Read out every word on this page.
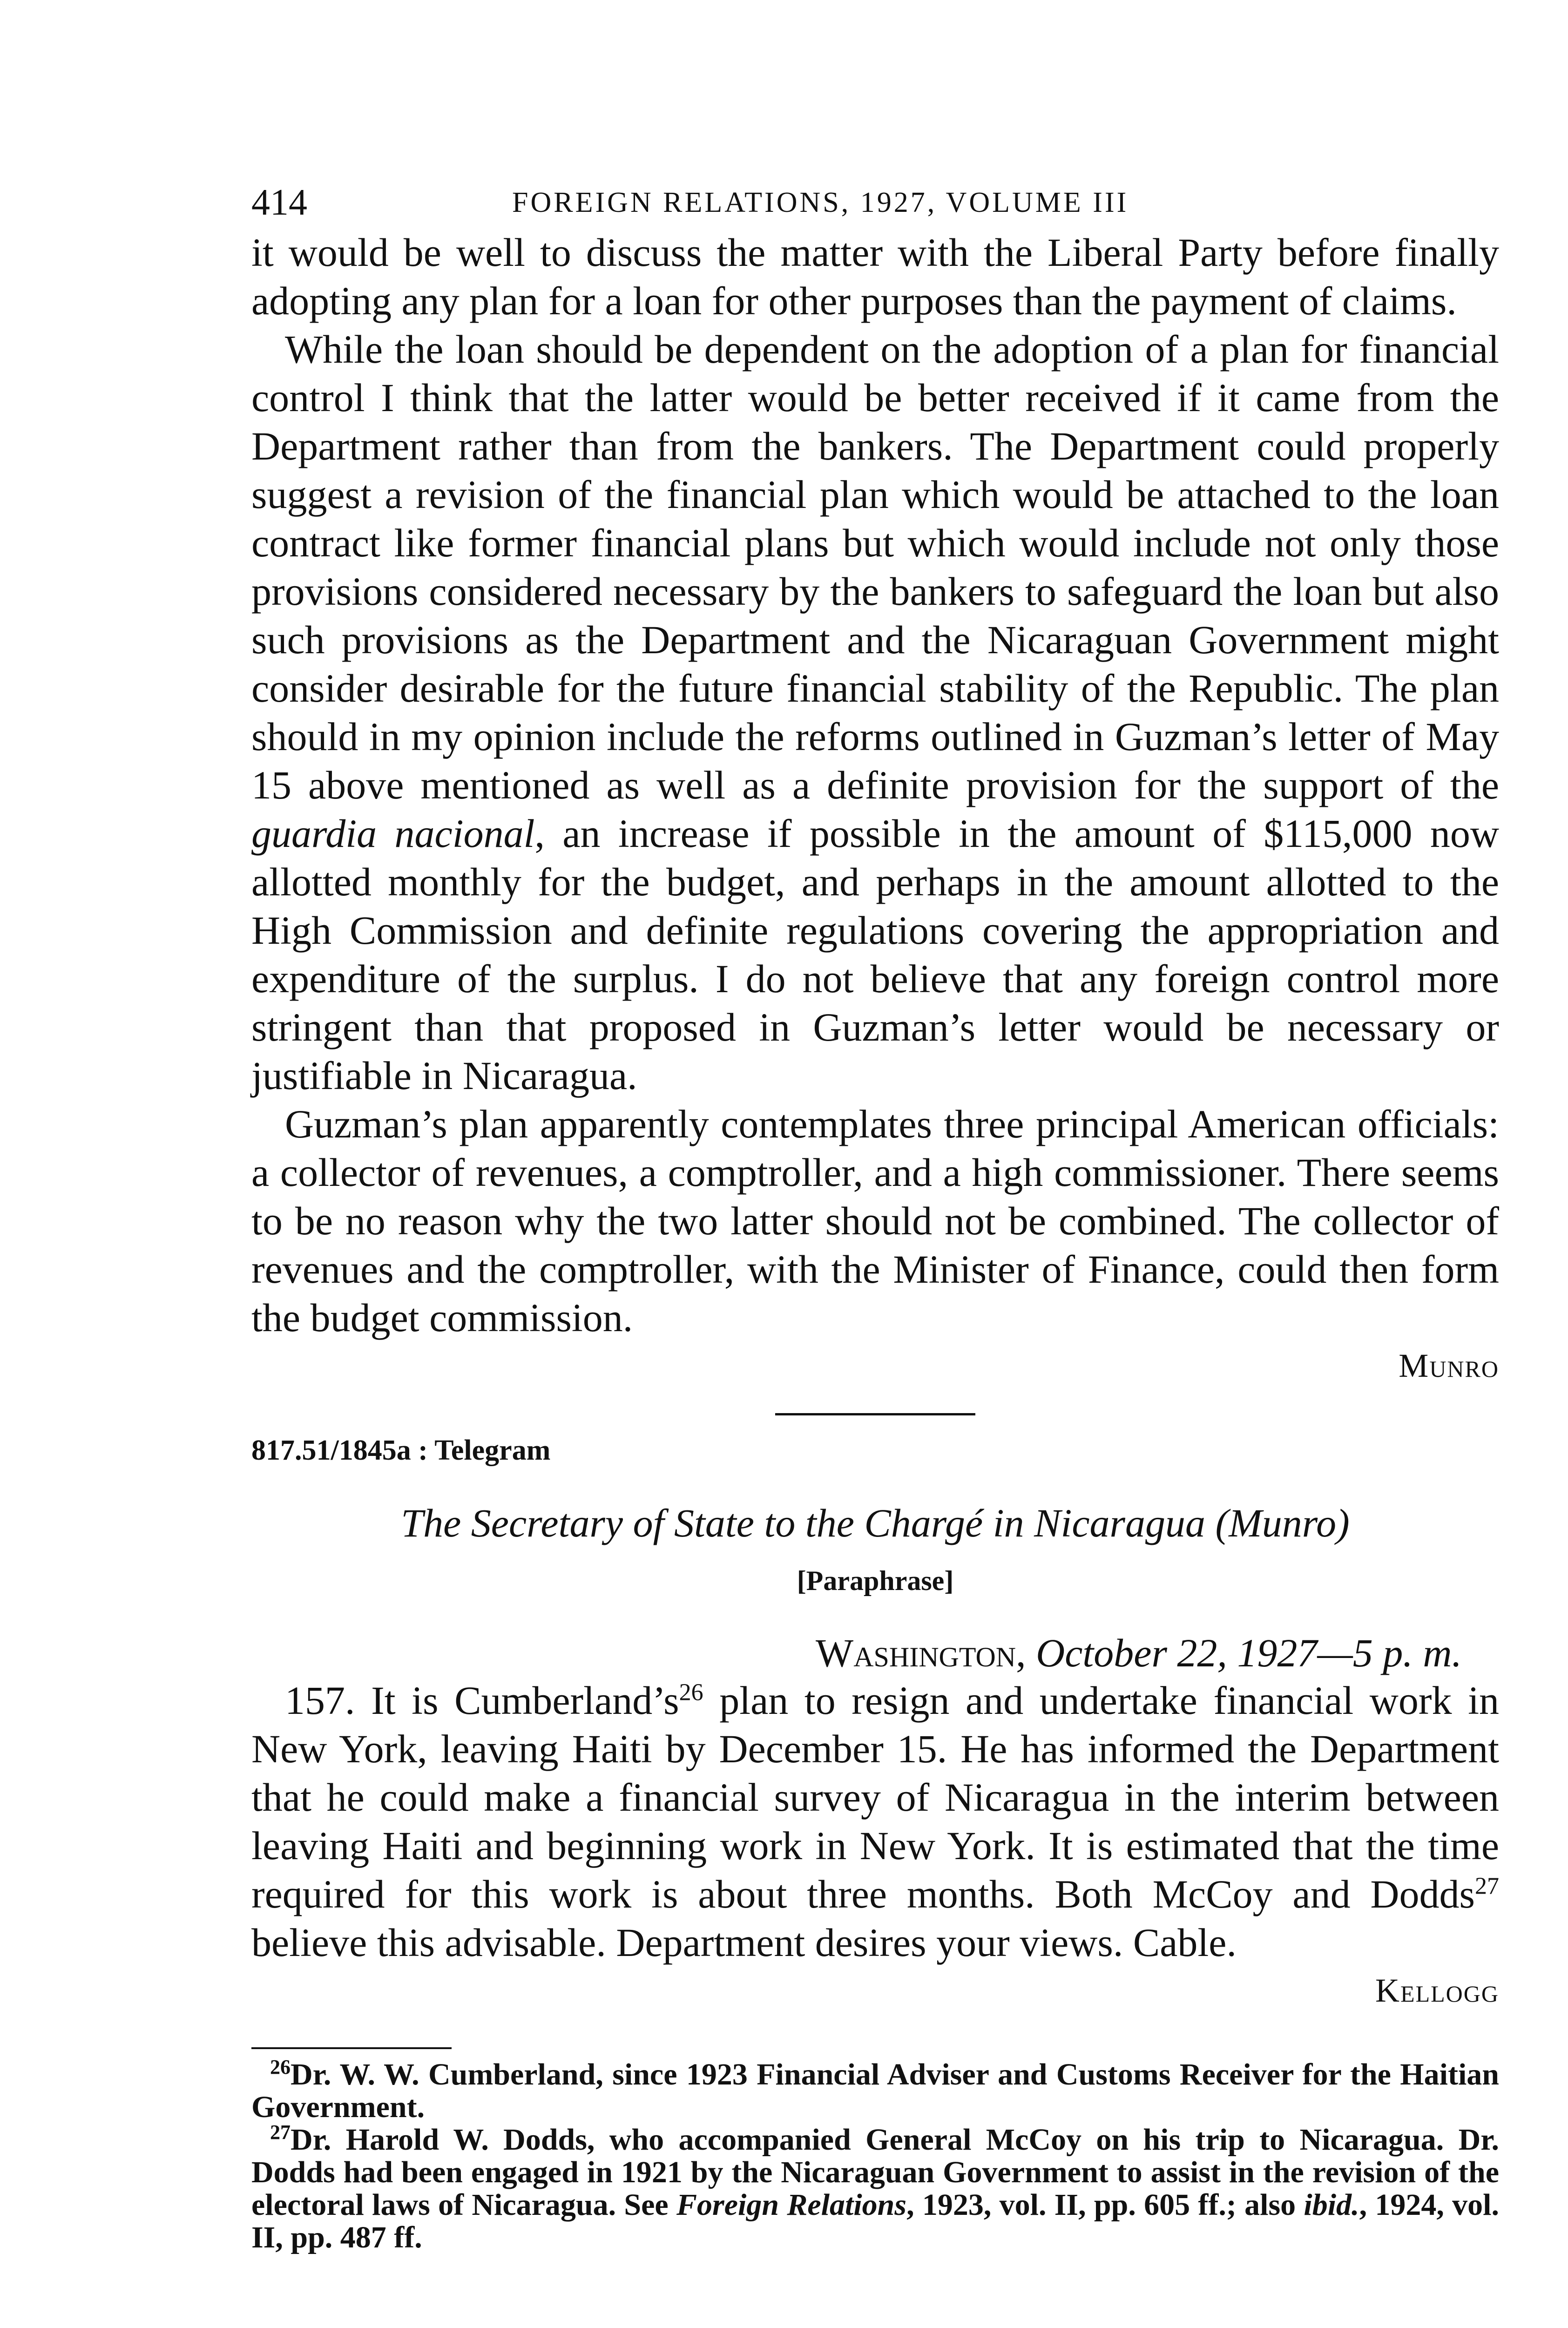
414	FOREIGN RELATIONS, 1927, VOLUME III

it would be well to discuss the matter with the Liberal Party before finally adopting any plan for a loan for other purposes than the payment of claims.

While the loan should be dependent on the adoption of a plan for financial control I think that the latter would be better received if it came from the Department rather than from the bankers. The Department could properly suggest a revision of the financial plan which would be attached to the loan contract like former financial plans but which would include not only those provisions considered necessary by the bankers to safeguard the loan but also such provisions as the Department and the Nicaraguan Government might consider desirable for the future financial stability of the Republic. The plan should in my opinion include the reforms outlined in Guzman’s letter of May 15 above mentioned as well as a definite provision for the support of the guardia nacional, an increase if possible in the amount of $115,000 now allotted monthly for the budget, and perhaps in the amount allotted to the High Commission and definite regulations covering the appropriation and expenditure of the surplus. I do not believe that any foreign control more stringent than that proposed in Guzman’s letter would be necessary or justifiable in Nicaragua.

Guzman’s plan apparently contemplates three principal American officials: a collector of revenues, a comptroller, and a high commissioner. There seems to be no reason why the two latter should not be combined. The collector of revenues and the comptroller, with the Minister of Finance, could then form the budget commission.

Munro
817.51/1845a : Telegram
The Secretary of State to the Chargé in Nicaragua (Munro)
[Paraphrase]
Washington, October 22, 1927—5 p. m.

157. It is $Cumberland’s^{26}$ plan to resign and undertake financial work in New York, leaving Haiti by December 15. He has informed the Department that he could make a financial survey of Nicaragua in the interim between leaving Haiti and beginning work in New York. It is estimated that the time required for this work is about three months. Both McCoy and Dodds$^{27}$ believe this advisable. Department desires your views. Cable.

Kellogg

$^{26}$Dr. W. W. Cumberland, since 1923 Financial Adviser and Customs Receiver for the Haitian Government.

$^{27}$Dr. Harold W. Dodds, who accompanied General McCoy on his trip to Nicaragua. Dr. Dodds had been engaged in 1921 by the Nicaraguan Government to assist in the revision of the electoral laws of Nicaragua. See Foreign Relations, 1923, vol. II, pp. 605 ff.; also ibid., 1924, vol. II, pp. 487 ff.
